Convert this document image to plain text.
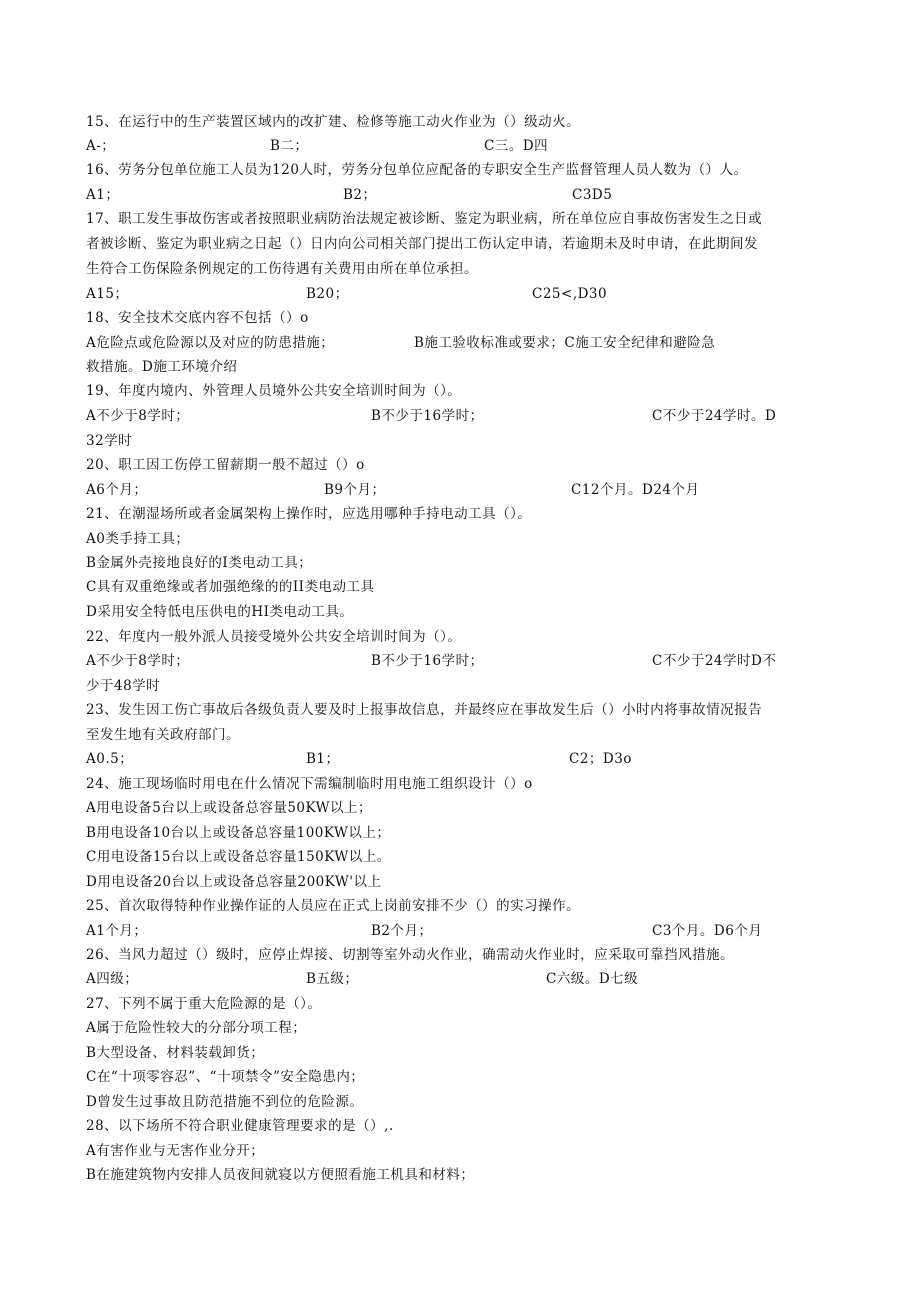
15、在运行中的生产装置区域内的改扩建、检修等施工动火作业为（）级动火。
A-；	B二；	C三。D四
16、劳务分包单位施工人员为120人时，劳务分包单位应配备的专职安全生产监督管理人员人数为（）人。
A1；	B2；	C3D5
17、职工发生事故伤害或者按照职业病防治法规定被诊断、鉴定为职业病，所在单位应自事故伤害发生之日或
者被诊断、鉴定为职业病之日起（）日内向公司相关部门提出工伤认定申请，若逾期未及时申请，在此期间发
生符合工伤保险条例规定的工伤待遇有关费用由所在单位承担。
A15；	B20；	C25<,D30
18、安全技术交底内容不包括（）o
A危险点或危险源以及对应的防患措施；	B施工验收标准或要求；C施工安全纪律和避险急
救措施。D施工环境介绍
19、年度内境内、外管理人员境外公共安全培训时间为（）。
A不少于8学时；	B不少于16学时；	C不少于24学时。D
32学时
20、职工因工伤停工留薪期一般不超过（）o
A6个月；	B9个月；	C12个月。D24个月
21、在潮湿场所或者金属架构上操作时，应选用哪种手持电动工具（）。
A0类手持工具；
B金属外壳接地良好的I类电动工具；
C具有双重绝缘或者加强绝缘的的II类电动工具
D采用安全特低电压供电的HI类电动工具。
22、年度内一般外派人员接受境外公共安全培训时间为（）。
A不少于8学时；	B不少于16学时；	C不少于24学时D不
少于48学时
23、发生因工伤亡事故后各级负责人要及时上报事故信息，并最终应在事故发生后（）小时内将事故情况报告
至发生地有关政府部门。
A0.5；	B1；	C2；D3o
24、施工现场临时用电在什么情况下需编制临时用电施工组织设计（）o
A用电设备5台以上或设备总容量50KW以上；
B用电设备10台以上或设备总容量100KW以上；
C用电设备15台以上或设备总容量150KW以上。
D用电设备20台以上或设备总容量200KW'以上
25、首次取得特种作业操作证的人员应在正式上岗前安排不少（）的实习操作。
A1个月；	B2个月；	C3个月。D6个月
26、当风力超过（）级时，应停止焊接、切割等室外动火作业，确需动火作业时，应采取可靠挡风措施。
A四级；	B五级；	C六级。D七级
27、下列不属于重大危险源的是（）。
A属于危险性较大的分部分项工程；
B大型设备、材料装载卸货；
C在“十项零容忍”、“十项禁令”安全隐患内；
D曾发生过事故且防范措施不到位的危险源。
28、以下场所不符合职业健康管理要求的是（）,.
A有害作业与无害作业分开；
B在施建筑物内安排人员夜间就寝以方便照看施工机具和材料；
